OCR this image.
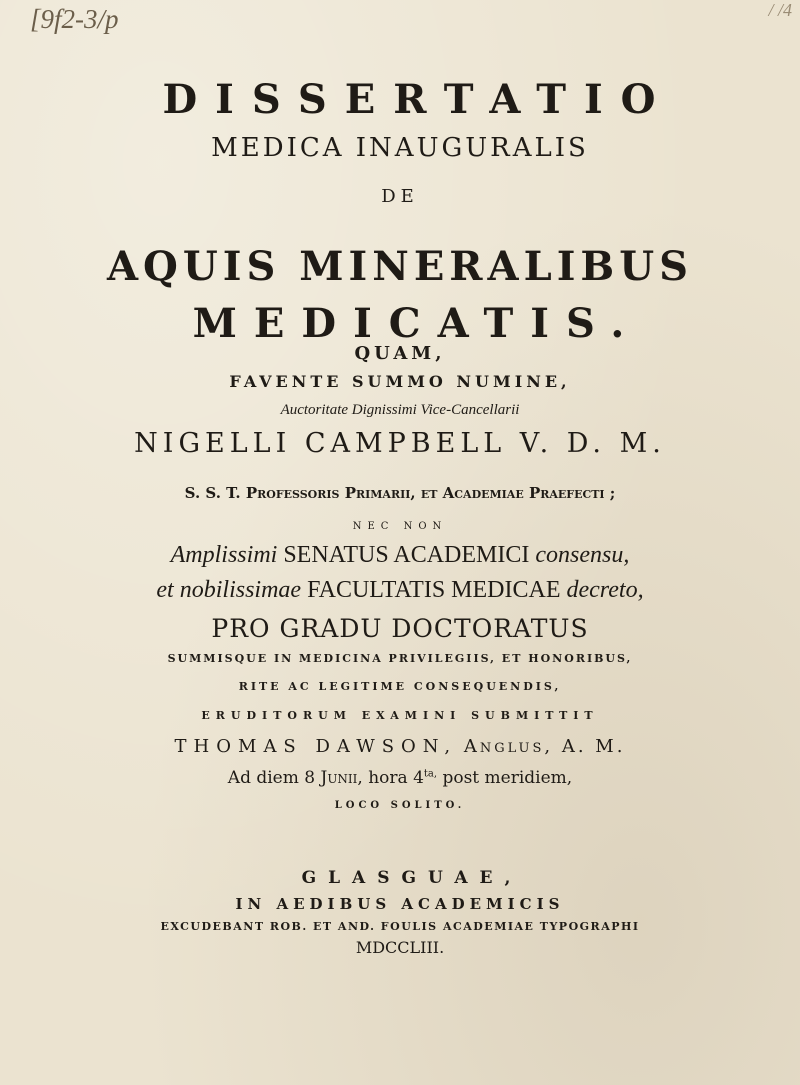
[9f2-3/p	/ /4
DISSERTATIO
MEDICA INAUGURALIS
DE
AQUIS MINERALIBUS
MEDICATIS.
QUAM,
FAVENTE SUMMO NUMINE,
Auctoritate Dignissimi Vice-Cancellarii
NIGELLI CAMPBELL V. D. M.
S. S. T. Professoris Primarii, et Academiae Praefecti ;
NEC NON
Amplissimi SENATUS ACADEMICI consensu,
et nobilissimae FACULTATIS MEDICAE decreto,
PRO GRADU DOCTORATUS
SUMMISQUE IN MEDICINA PRIVILEGIIS, ET HONORIBUS,
RITE AC LEGITIME CONSEQUENDIS,
ERUDITORUM EXAMINI SUBMITTIT
THOMAS DAWSON, Anglus, A. M.
Ad diem 8 Junii, hora $4^{ta,}$ post meridiem,
LOCO SOLITO.
GLASGUAE,
IN AEDIBUS ACADEMICIS
EXCUDEBANT ROB. ET AND. FOULIS ACADEMIAE TYPOGRAPHI
MDCCLIII.
